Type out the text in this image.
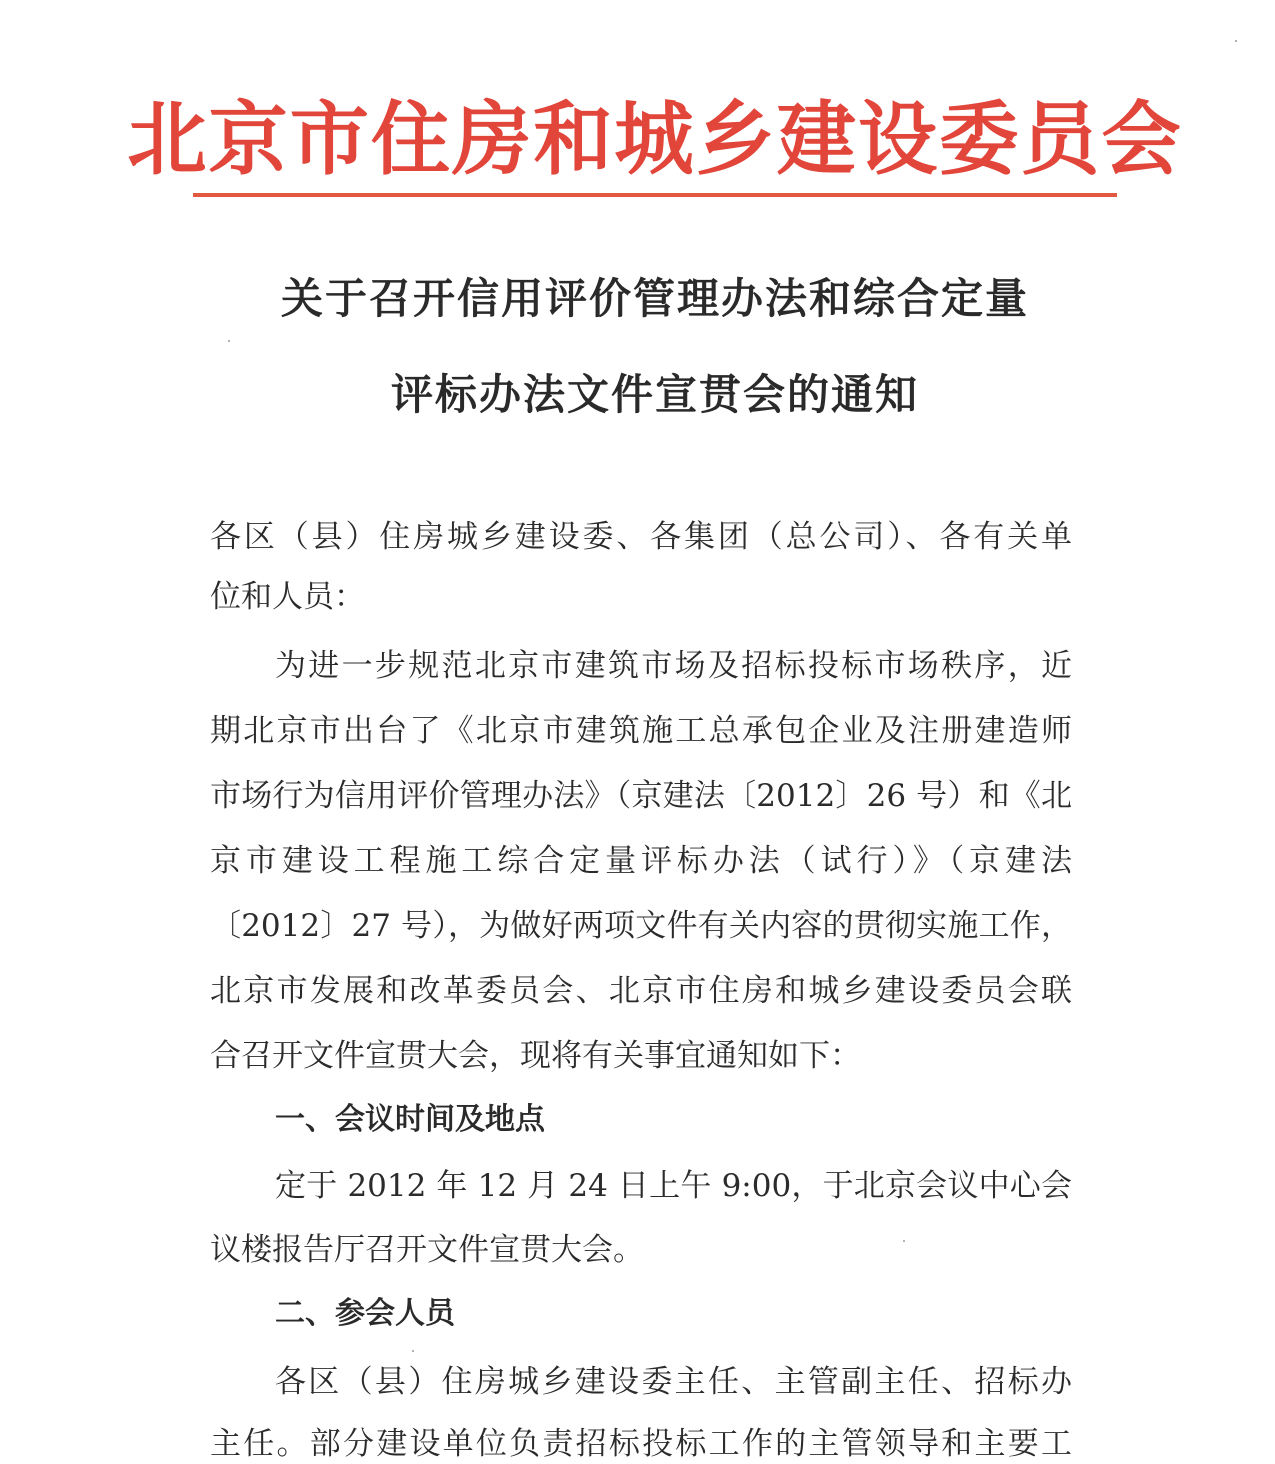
北京市住房和城乡建设委员会
关于召开信用评价管理办法和综合定量
评标办法文件宣贯会的通知
各区（县）住房城乡建设委、各集团（总公司）、各有关单
位和人员：
为进一步规范北京市建筑市场及招标投标市场秩序，近
期北京市出台了《北京市建筑施工总承包企业及注册建造师
市场行为信用评价管理办法》（京建法〔2012〕26 号）和《北
京市建设工程施工综合定量评标办法（试行）》（京建法
〔2012〕27 号），为做好两项文件有关内容的贯彻实施工作，
北京市发展和改革委员会、北京市住房和城乡建设委员会联
合召开文件宣贯大会，现将有关事宜通知如下：
一、会议时间及地点
定于 2012 年 12 月 24 日上午 9:00，于北京会议中心会
议楼报告厅召开文件宣贯大会。
二、参会人员
各区（县）住房城乡建设委主任、主管副主任、招标办
主任。部分建设单位负责招标投标工作的主管领导和主要工
